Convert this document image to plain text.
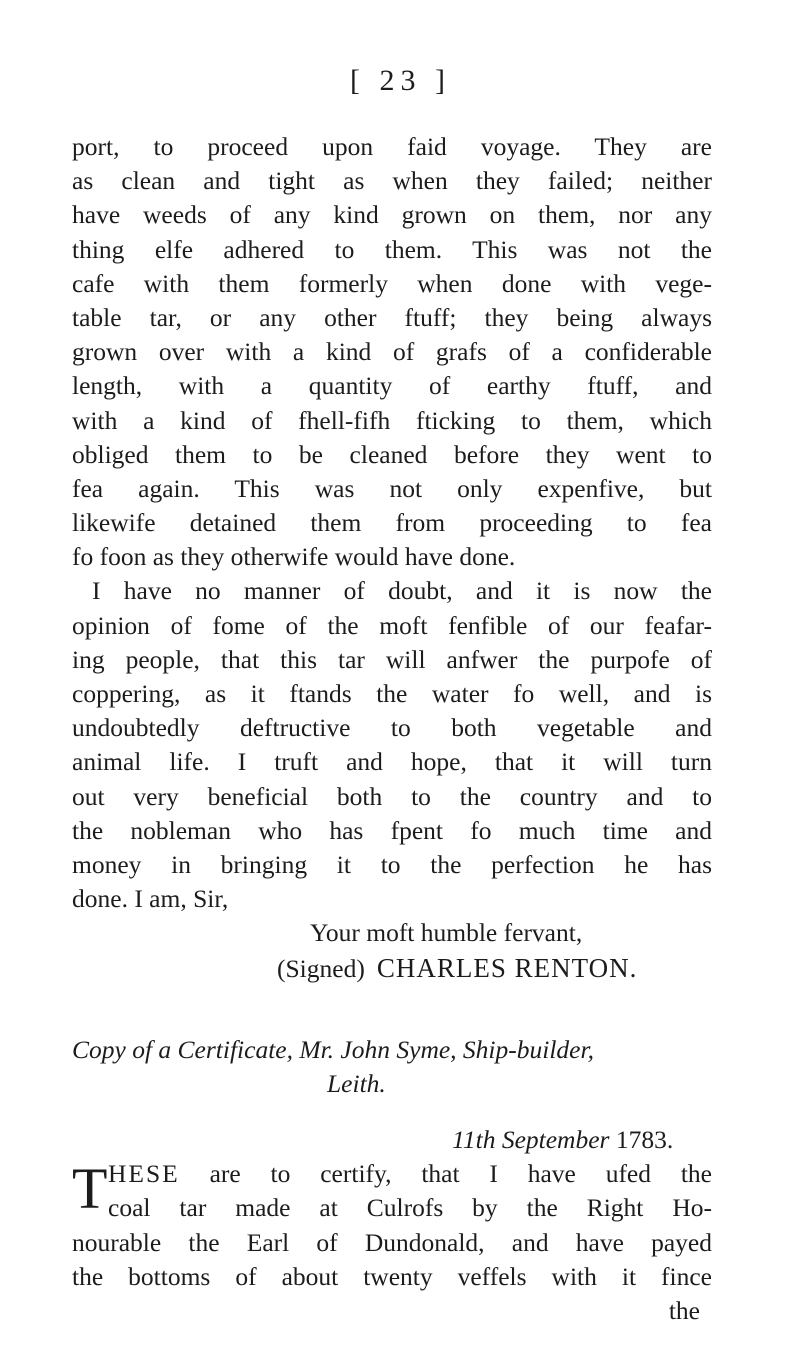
[ 23 ]
port, to proceed upon faid voyage. They are
as clean and tight as when they failed; neither
have weeds of any kind grown on them, nor any
thing elfe adhered to them. This was not the
cafe with them formerly when done with vege-
table tar, or any other ftuff; they being always
grown over with a kind of grafs of a confiderable
length, with a quantity of earthy ftuff, and
with a kind of fhell-fifh fticking to them, which
obliged them to be cleaned before they went to
fea again. This was not only expenfive, but
likewife detained them from proceeding to fea
fo foon as they otherwife would have done.
I have no manner of doubt, and it is now the
opinion of fome of the moft fenfible of our feafar-
ing people, that this tar will anfwer the purpofe of
coppering, as it ftands the water fo well, and is
undoubtedly deftructive to both vegetable and
animal life. I truft and hope, that it will turn
out very beneficial both to the country and to
the nobleman who has fpent fo much time and
money in bringing it to the perfection he has
done. I am, Sir,
Your moft humble fervant,
(Signed) CHARLES RENTON.
Copy of a Certificate, Mr. John Syme, Ship-builder,
Leith.
11th September 1783.
T HESE are to certify, that I have ufed the
coal tar made at Culrofs by the Right Ho-
nourable the Earl of Dundonald, and have payed
the bottoms of about twenty veffels with it fince
the
